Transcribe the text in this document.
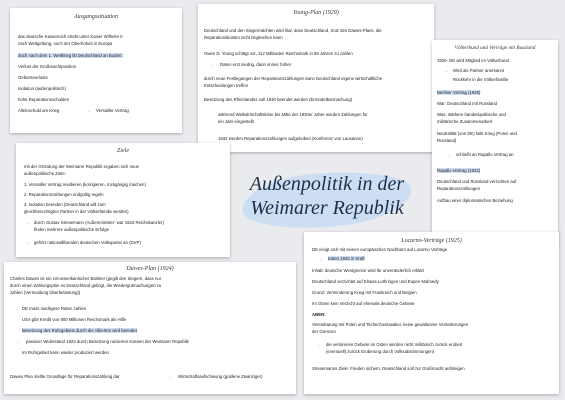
Außenpolitik in der
Weimarer Republik
Ausgangssituation
das deutsche Kaiserreich strebt unter Kaiser Wilhelm II
nach Weltgeltung, noch der Oberhoheit in Europa
doch nach dem 1. Weltkrieg litt Deutschland an Boden:
Verlust der Großmachtposition
Gebietsverluste
Isolation (außenpolitisch)
hohe Reparationsschulden
Alleinschuld am Krieg	→ Versailler Vertrag
Young-Plan (1929)
Deutschland und den Siegermächten wird klar, dass Deutschland, trotz des Dawes-Plans, die
Reparationskosten nicht begleichen kann
Owen D. Young schlägt vor, 112 Milliarden Reichsmark in 59 Jahren zu zahlen
→ Raten erst niedrig, dann immer höher
durch neue Festlegungen der Reparationszahlungen kann Deutschland eigene wirtschaftliche
Entscheidungen treffen
Besetzung des Rheinlandes soll 1930 beendet werden (Ermüdetbarmachung)
während Weltwirtschaftskrise bis Mitte der 1930er Jahre werden Zahlungen für
ein Jahr eingestellt
1932 werden Reparationszahlungen aufgehoben (Konferenz von Lausanne)
Völkerbund und Verträge mit Russland
1926- DE wird Mitglied im Völkerbund
→ Wird als Partner anerkannt
Rückkehr in die Völkerfamilie
Berliner Vertrag (1926)
War: Deutschland mit Russland
Was: stärkere handelspolitische und
militärische Zusammenarbeit
Neutralität (von DE) falls Krieg (Polen und
Russland)
→ schließt an Rapallo Vertrag an
Rapallo Vertrag (1922)
Deutschland und Russland verzichten auf
Reparationszahlungen
Aufbau einer diplomatischen Beziehung
Ziele
mit der Gründung der Weimarer Republik ergaben sich neue
außenpolitische Ziele:
1. Versailler Vertrag revidieren (korrigieren, rückgängig machen)
2. Reparationszahlungen endgültig regeln
3. Isolation beenden (Deutschland will zum
gleichberechtigten Partner in der Völkerfamilie werden)
→ durch Gustav Stresemann (Außenminister; war 1923 Reichskanzler)
finden mehrere außenpolitische Erfolge
→ gehört nationalliberalen deutschen Volkspartei an (DVP)
Dawes-Plan (1924)
Charles Dawes ist ein US-amerikanischer Bankier (gegilt den Siegern, dass nur
durch einen Zahlungsplan es Deutschland gelingt, die Wiedergutmachungen zu
zahlen (Vermeidung Überbelastung))
→ DE muss niedrigere Raten zahlen
USA gibt Kredit von 800 Millionen Reichsmark als Hilfe
Besetzung des Ruhrgebiets durch die Alliierten wird beendet
→ passiver Widerstand 1923 durch Besetzung ruinierten Kassen der Weimarer Republik
Im Ruhrgebiet kann wieder produziert werden
Dawes Plan stellte Grundlage für Reparationszahlung dar	→ Wirtschaftsaufschwung (goldene Zwanziger)
Locarno-Verträge (1925)
DE einigt sich mit seinen europäischen Nachbarn auf Locarno Verträge
→ traten 1926 in Kraft
Inhalt: deutsche Westgrenze wird für unveränderlich erklärt
Deutschland verzichtet auf Elsass-Lothringen und Eupen Malmedy
Grund: Verminderung Krieg mit Frankreich und Belgien
Im Osten kein Verzicht auf ehemals deutsche Gebiete
ABER:
Vereinbarung mit Polen und Tschechoslowakei: keine gewaltsame Veränderungen
der Grenzen
→ die verlorenen Gebiete im Osten werden nicht militärisch zurück erobert
(eventuell) zurück Eroberung durch Volksabstimmungen)
Stresemanns Ziele: Frieden sichern, Deutschland soll zur Großmacht aufsteigen
